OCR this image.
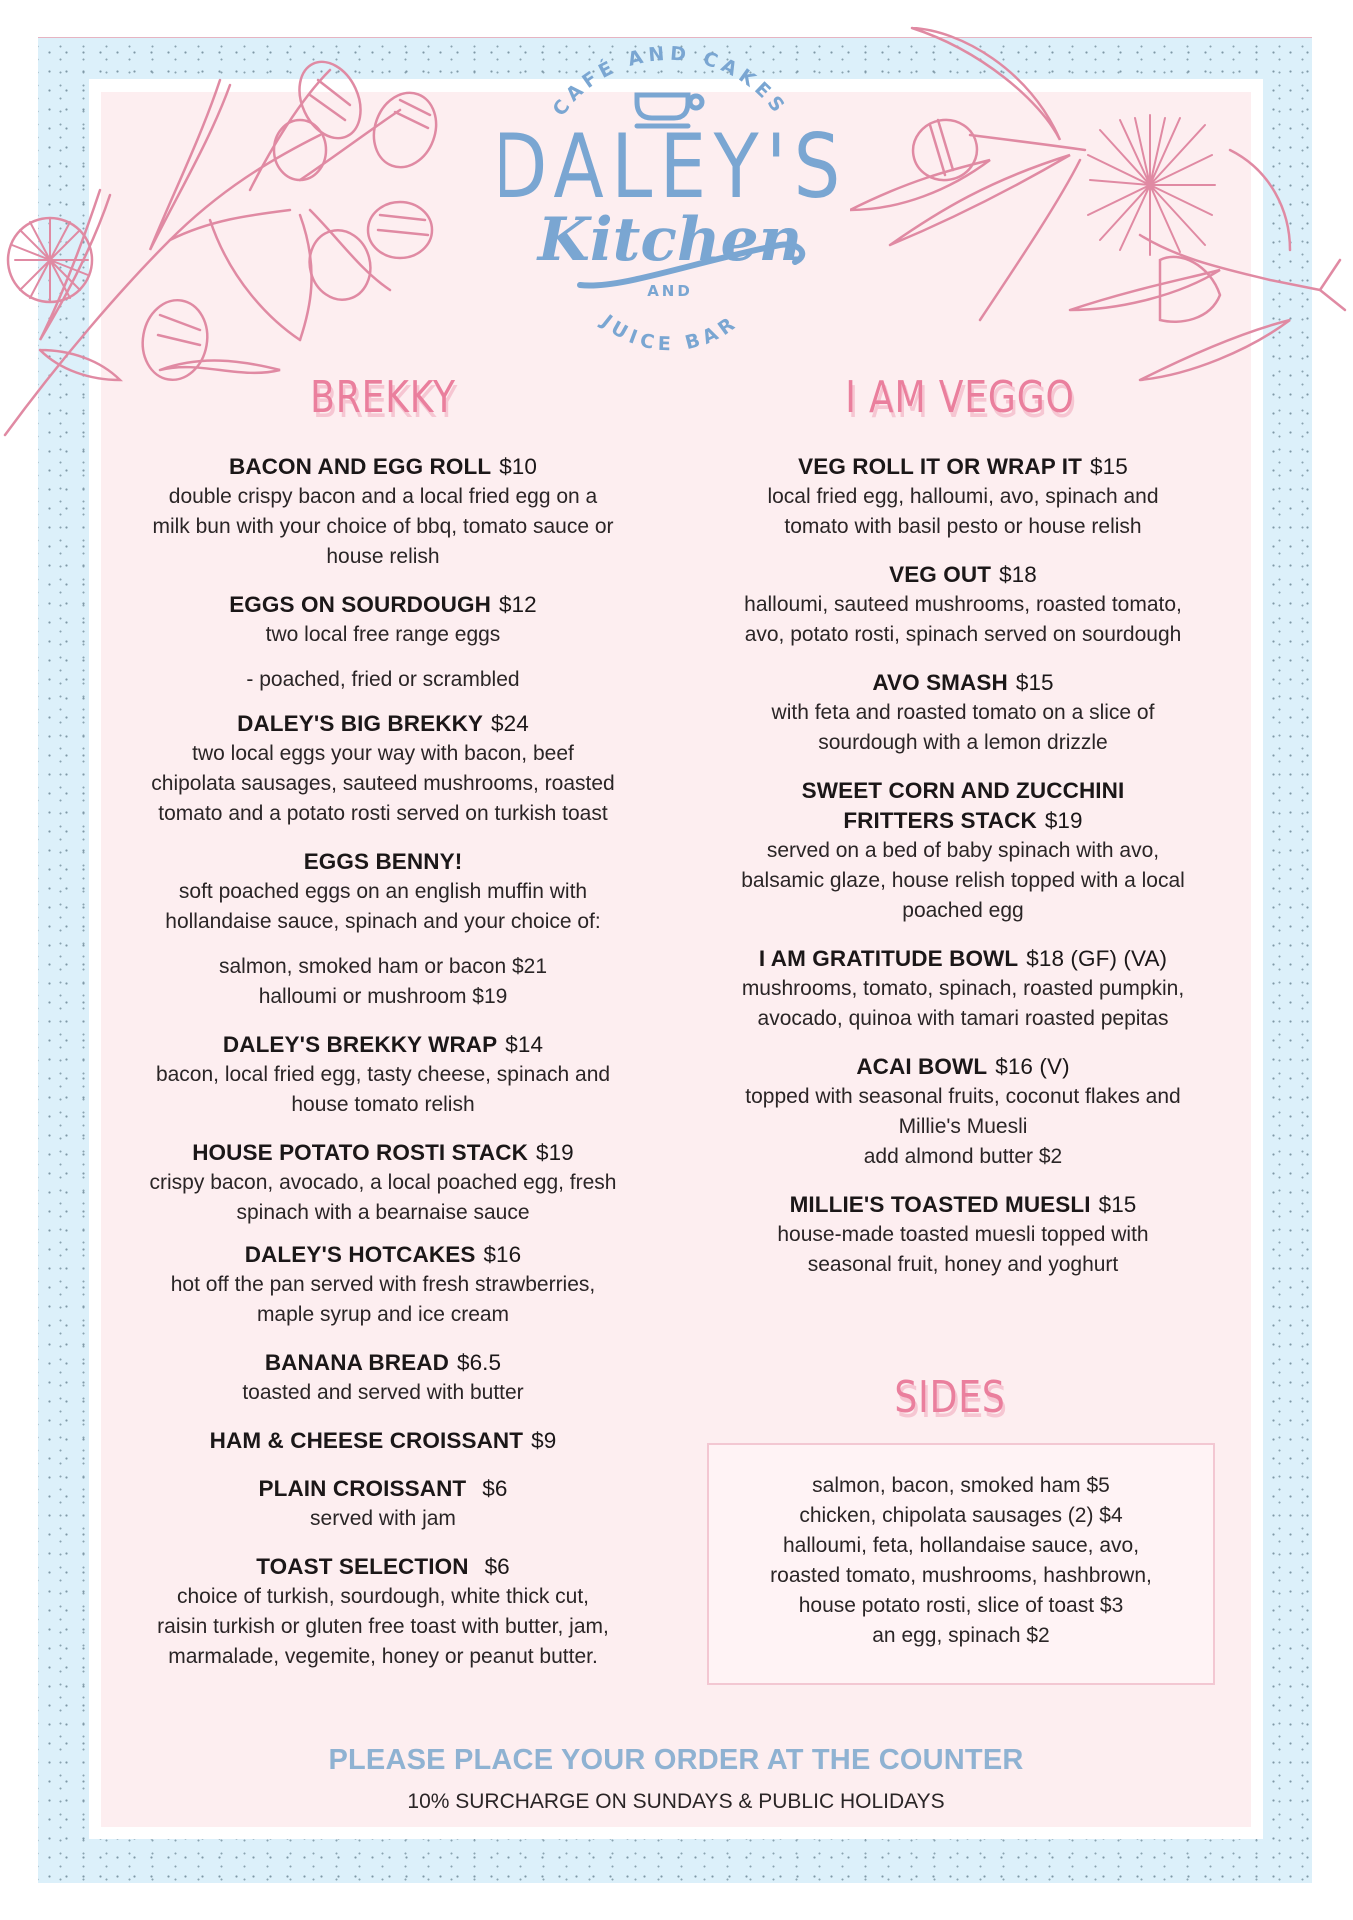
CAFÉ AND CAKES
DALEY'S
Kitchen
AND
JUICE BAR
BREKKY	I AM VEGGO
BACON AND EGG ROLL $10
double crispy bacon and a local fried egg on a
milk bun with your choice of bbq, tomato sauce or
house relish
EGGS ON SOURDOUGH $12
two local free range eggs
- poached, fried or scrambled
DALEY'S BIG BREKKY $24
two local eggs your way with bacon, beef
chipolata sausages, sauteed mushrooms, roasted
tomato and a potato rosti served on turkish toast
EGGS BENNY!
soft poached eggs on an english muffin with
hollandaise sauce, spinach and your choice of:
salmon, smoked ham or bacon $21
halloumi or mushroom $19
DALEY'S BREKKY WRAP $14
bacon, local fried egg, tasty cheese, spinach and
house tomato relish
HOUSE POTATO ROSTI STACK $19
crispy bacon, avocado, a local poached egg, fresh
spinach with a bearnaise sauce
DALEY'S HOTCAKES $16
hot off the pan served with fresh strawberries,
maple syrup and ice cream
BANANA BREAD $6.5
toasted and served with butter
HAM & CHEESE CROISSANT $9
PLAIN CROISSANT $6
served with jam
TOAST SELECTION $6
choice of turkish, sourdough, white thick cut,
raisin turkish or gluten free toast with butter, jam,
marmalade, vegemite, honey or peanut butter.
VEG ROLL IT OR WRAP IT $15
local fried egg, halloumi, avo, spinach and
tomato with basil pesto or house relish
VEG OUT $18
halloumi, sauteed mushrooms, roasted tomato,
avo, potato rosti, spinach served on sourdough
AVO SMASH $15
with feta and roasted tomato on a slice of
sourdough with a lemon drizzle
SWEET CORN AND ZUCCHINI
FRITTERS STACK $19
served on a bed of baby spinach with avo,
balsamic glaze, house relish topped with a local
poached egg
I AM GRATITUDE BOWL $18 (GF) (VA)
mushrooms, tomato, spinach, roasted pumpkin,
avocado, quinoa with tamari roasted pepitas
ACAI BOWL $16 (V)
topped with seasonal fruits, coconut flakes and
Millie's Muesli
add almond butter $2
MILLIE'S TOASTED MUESLI $15
house-made toasted muesli topped with
seasonal fruit, honey and yoghurt
SIDES
salmon, bacon, smoked ham $5
chicken, chipolata sausages (2) $4
halloumi, feta, hollandaise sauce, avo,
roasted tomato, mushrooms, hashbrown,
house potato rosti, slice of toast $3
an egg, spinach $2
PLEASE PLACE YOUR ORDER AT THE COUNTER
10% SURCHARGE ON SUNDAYS & PUBLIC HOLIDAYS
